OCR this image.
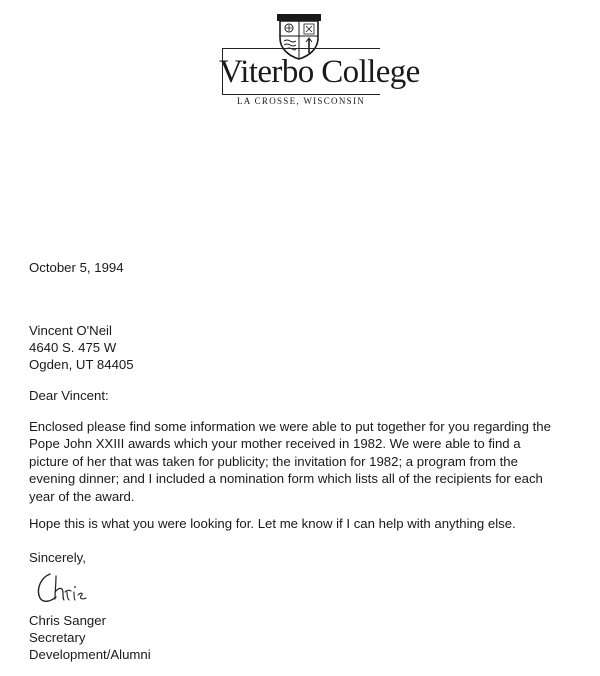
Viterbo College
LA CROSSE, WISCONSIN
October 5, 1994
Vincent O'Neil
4640 S. 475 W
Ogden, UT 84405
Dear Vincent:
Enclosed please find some information we were able to put together for you regarding the
Pope John XXIII awards which your mother received in 1982. We were able to find a
picture of her that was taken for publicity; the invitation for 1982; a program from the
evening dinner; and I included a nomination form which lists all of the recipients for each
year of the award.
Hope this is what you were looking for. Let me know if I can help with anything else.
Sincerely,
Chris Sanger
Secretary
Development/Alumni
